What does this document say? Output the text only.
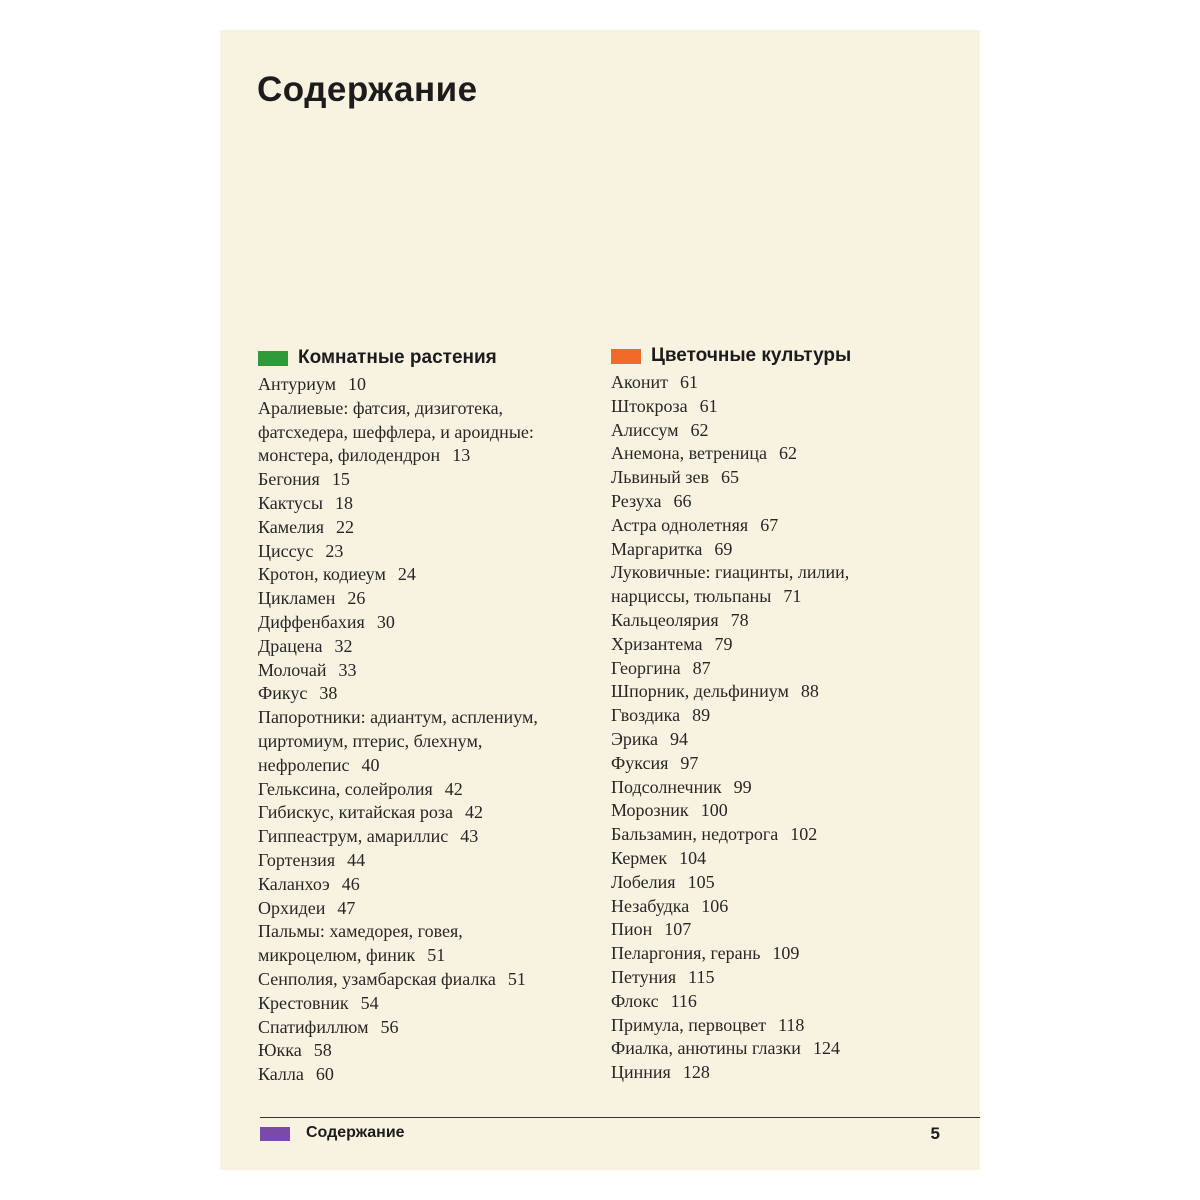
Содержание
Комнатные растения
Антуриум 10
Аралиевые: фатсия, дизиготека,
фатсхедера, шеффлера, и ароидные:
монстера, филодендрон 13
Бегония 15
Кактусы 18
Камелия 22
Циссус 23
Кротон, кодиеум 24
Цикламен 26
Диффенбахия 30
Драцена 32
Молочай 33
Фикус 38
Папоротники: адиантум, асплениум,
циртомиум, птерис, блехнум,
нефролепис 40
Гельксина, солейролия 42
Гибискус, китайская роза 42
Гиппеаструм, амариллис 43
Гортензия 44
Каланхоэ 46
Орхидеи 47
Пальмы: хамедорея, говея,
микроцелюм, финик 51
Сенполия, узамбарская фиалка 51
Крестовник 54
Спатифиллюм 56
Юкка 58
Калла 60
Цветочные культуры
Аконит 61
Штокроза 61
Алиссум 62
Анемона, ветреница 62
Львиный зев 65
Резуха 66
Астра однолетняя 67
Маргаритка 69
Луковичные: гиацинты, лилии,
нарциссы, тюльпаны 71
Кальцеолярия 78
Хризантема 79
Георгина 87
Шпорник, дельфиниум 88
Гвоздика 89
Эрика 94
Фуксия 97
Подсолнечник 99
Морозник 100
Бальзамин, недотрога 102
Кермек 104
Лобелия 105
Незабудка 106
Пион 107
Пеларгония, герань 109
Петуния 115
Флокс 116
Примула, первоцвет 118
Фиалка, анютины глазки 124
Цинния 128
Содержание	5
